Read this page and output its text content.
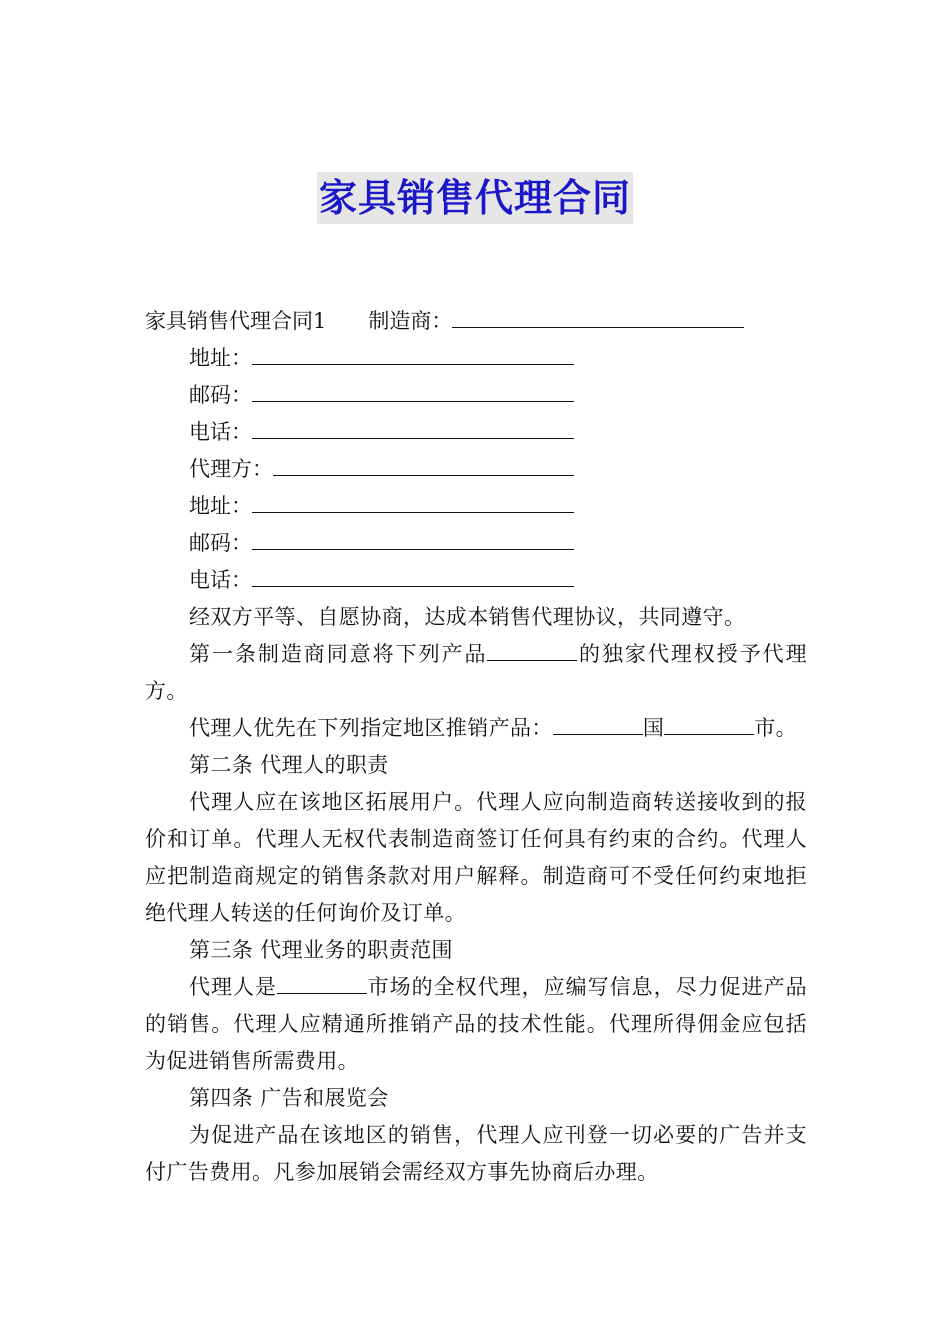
家具销售代理合同
家具销售代理合同1 制造商：
地址：
邮码：
电话：
代理方：
地址：
邮码：
电话：
经双方平等、自愿协商，达成本销售代理协议，共同遵守。
第一条制造商同意将下列产品	的独家代理权授予代理方。
代理人优先在下列指定地区推销产品：	国	市。
第二条 代理人的职责
代理人应在该地区拓展用户。代理人应向制造商转送接收到的报价和订单。代理人无权代表制造商签订任何具有约束的合约。代理人应把制造商规定的销售条款对用户解释。制造商可不受任何约束地拒绝代理人转送的任何询价及订单。
第三条 代理业务的职责范围
代理人是	市场的全权代理，应编写信息，尽力促进产品的销售。代理人应精通所推销产品的技术性能。代理所得佣金应包括为促进销售所需费用。
第四条 广告和展览会
为促进产品在该地区的销售，代理人应刊登一切必要的广告并支付广告费用。凡参加展销会需经双方事先协商后办理。
